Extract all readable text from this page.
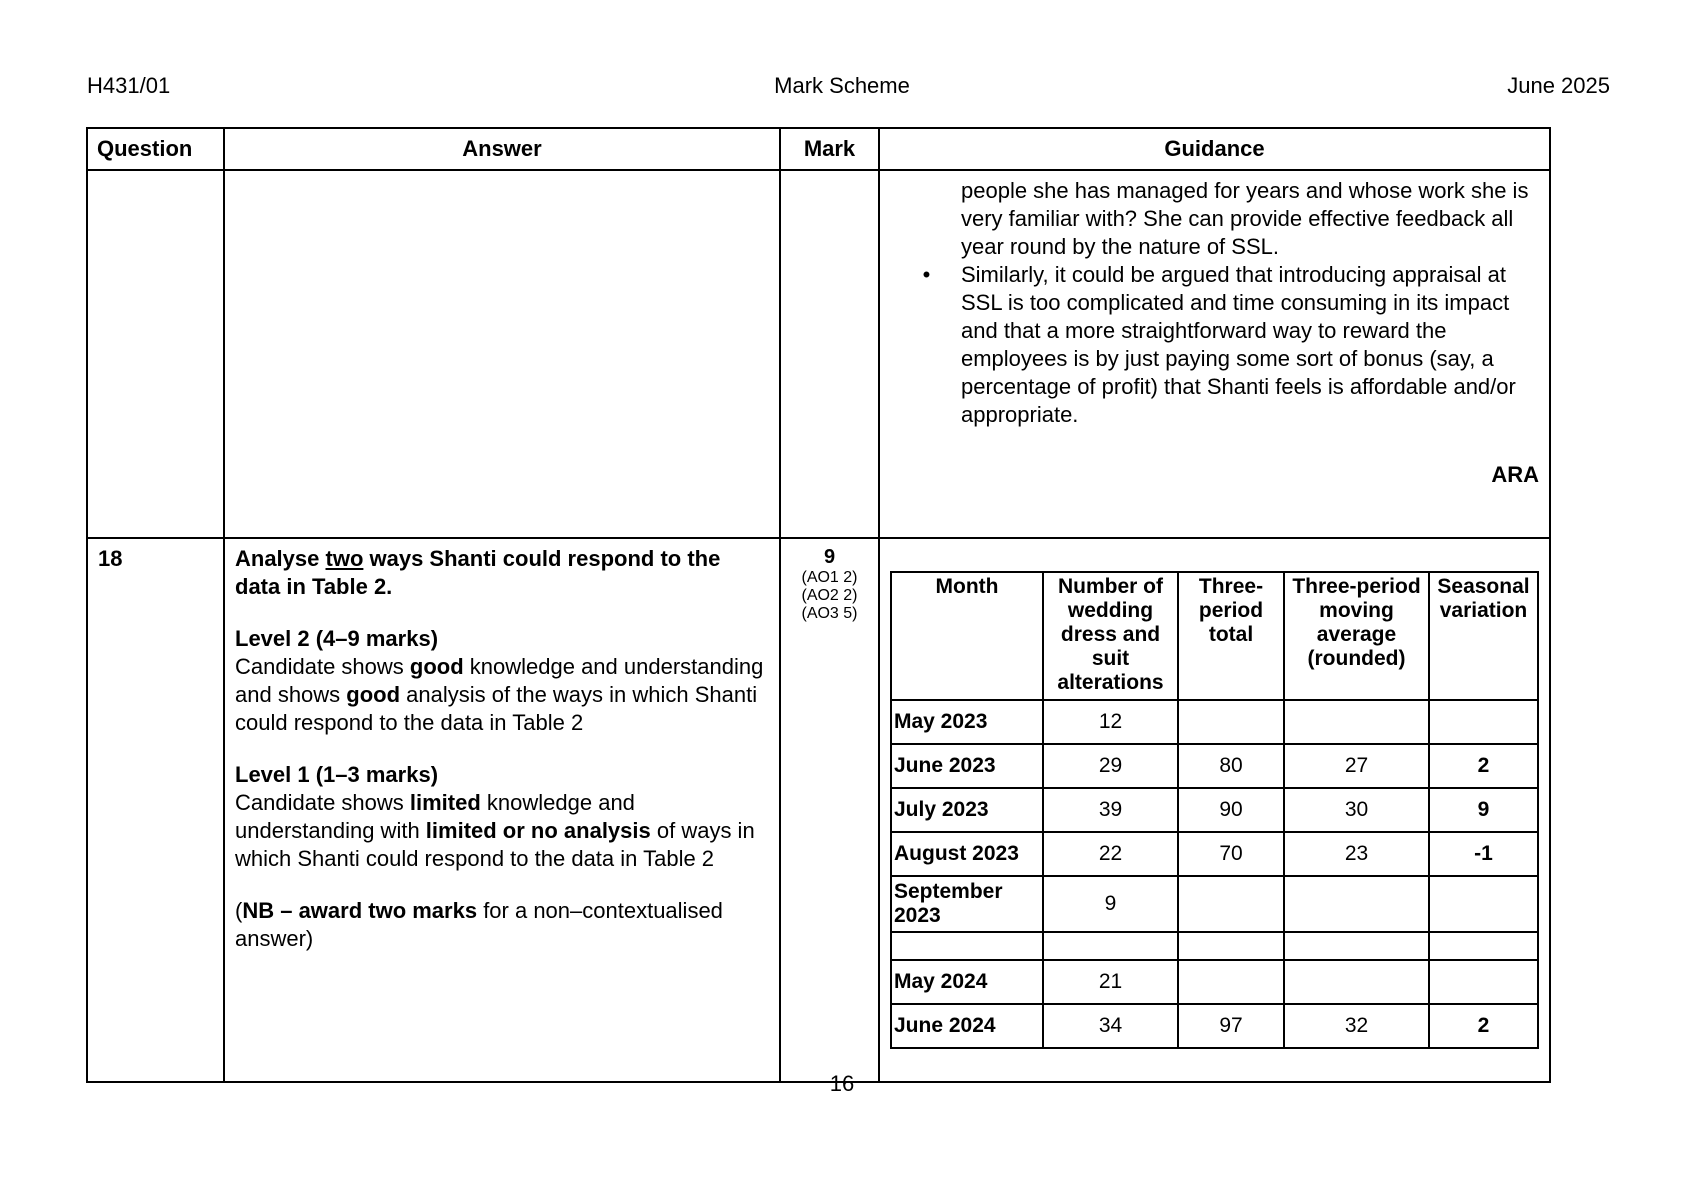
H431/01	Mark Scheme	June 2025
Question	Answer	Mark	Guidance

people she has managed for years and whose work she is very familiar with? She can provide effective feedback all year round by the nature of SSL.
•	Similarly, it could be argued that introducing appraisal at SSL is too complicated and time consuming in its impact and that a more straightforward way to reward the employees is by just paying some sort of bonus (say, a percentage of profit) that Shanti feels is affordable and/or appropriate.
ARA

18	Analyse two ways Shanti could respond to the data in Table 2.

Level 2 (4–9 marks)

Candidate shows good knowledge and understanding and shows good analysis of the ways in which Shanti could respond to the data in Table 2

Level 1 (1–3 marks)

Candidate shows limited knowledge and understanding with limited or no analysis of ways in which Shanti could respond to the data in Table 2

(NB – award two marks for a non–contextualised answer)

9
(AO1 2)
(AO2 2)
(AO3 5)

Month	Number of wedding dress and suit alterations	Three-period total	Three-period moving average (rounded)	Seasonal variation
May 2023	12			
June 2023	29	80	27	2
July 2023	39	90	30	9
August 2023	22	70	23	-1
September 2023	9			

May 2024	21			
June 2024	34	97	32	2
16
